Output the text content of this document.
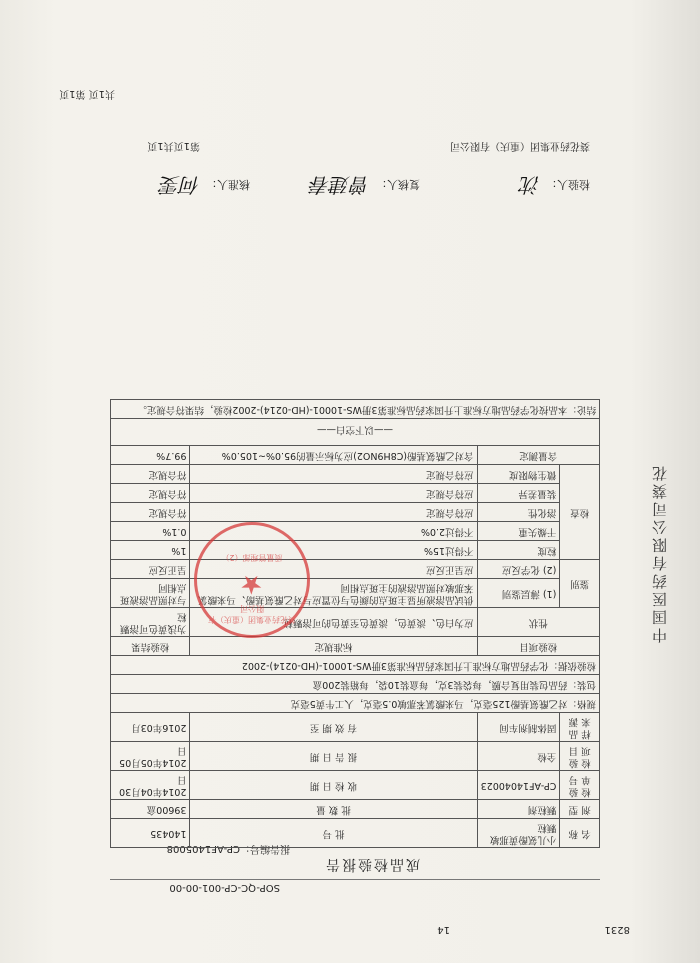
8231
14
SOP-QC-CP-001-00-00
成品检验报告
报告编号：CP-AF1405008
名 称	小儿氨酚黄那敏颗粒	批 号	140435
剂 型	颗粒剂	批 数 量	39600盒
检 验 单 号	CP-AF14040023	收 检 日 期	2014年04月30日
检 验 项 目	全检	报 告 日 期	2014年05月05日
样 品 来 源	固体制剂车间	有 效 期 至	2016年03月
规格：对乙酰氨基酚125毫克，马来酸氯苯那敏0.5毫克，人工牛黄5毫克			
包装：药品包装用复合膜，每袋装3克，每盒装10袋，每箱装200盒			
检验依据：化学药品地方标准上升国家药品标准第3册WS-10001-(HD-0214)-2002			
检验项目		标准规定	检验结果
性状		应为白色、淡黄色，淡黄色至黄色的可溶颗粒	为浅黄色可溶颗粒
鉴别	(1) 薄层鉴别	供试品溶液所显主斑点的颜色与位置应与对乙酰氨基酚、马来酸氯苯那敏对照品溶液的主斑点相同	与对照品溶液斑点相同
	(2) 化学反应	应呈正反应	呈正反应
检查	粒度	不得过15%	1%
	干燥失重	不得过2.0%	0.1%
	溶化性	应符合规定	符合规定
	装量差异	应符合规定	符合规定
	微生物限度	应符合规定	符合规定
含量测定		含对乙酰氨基酚(C8H9NO2)应为标示量的95.0%~105.0%	99.7%
——以下空白——			
结论：本品按化学药品地方标准上升国家药品标准第3册WS-10001-(HD-0214)-2002检验，结果符合规定。			
葵花药业集团（重庆）有限公司
★
质量管理部（2）
检验人：
沈
复核人：
曾建春
核准人：
何雯
葵花药业集团（重庆）有限公司
第1页共1页
共1页 第1页
中国医药有限公司葵花
